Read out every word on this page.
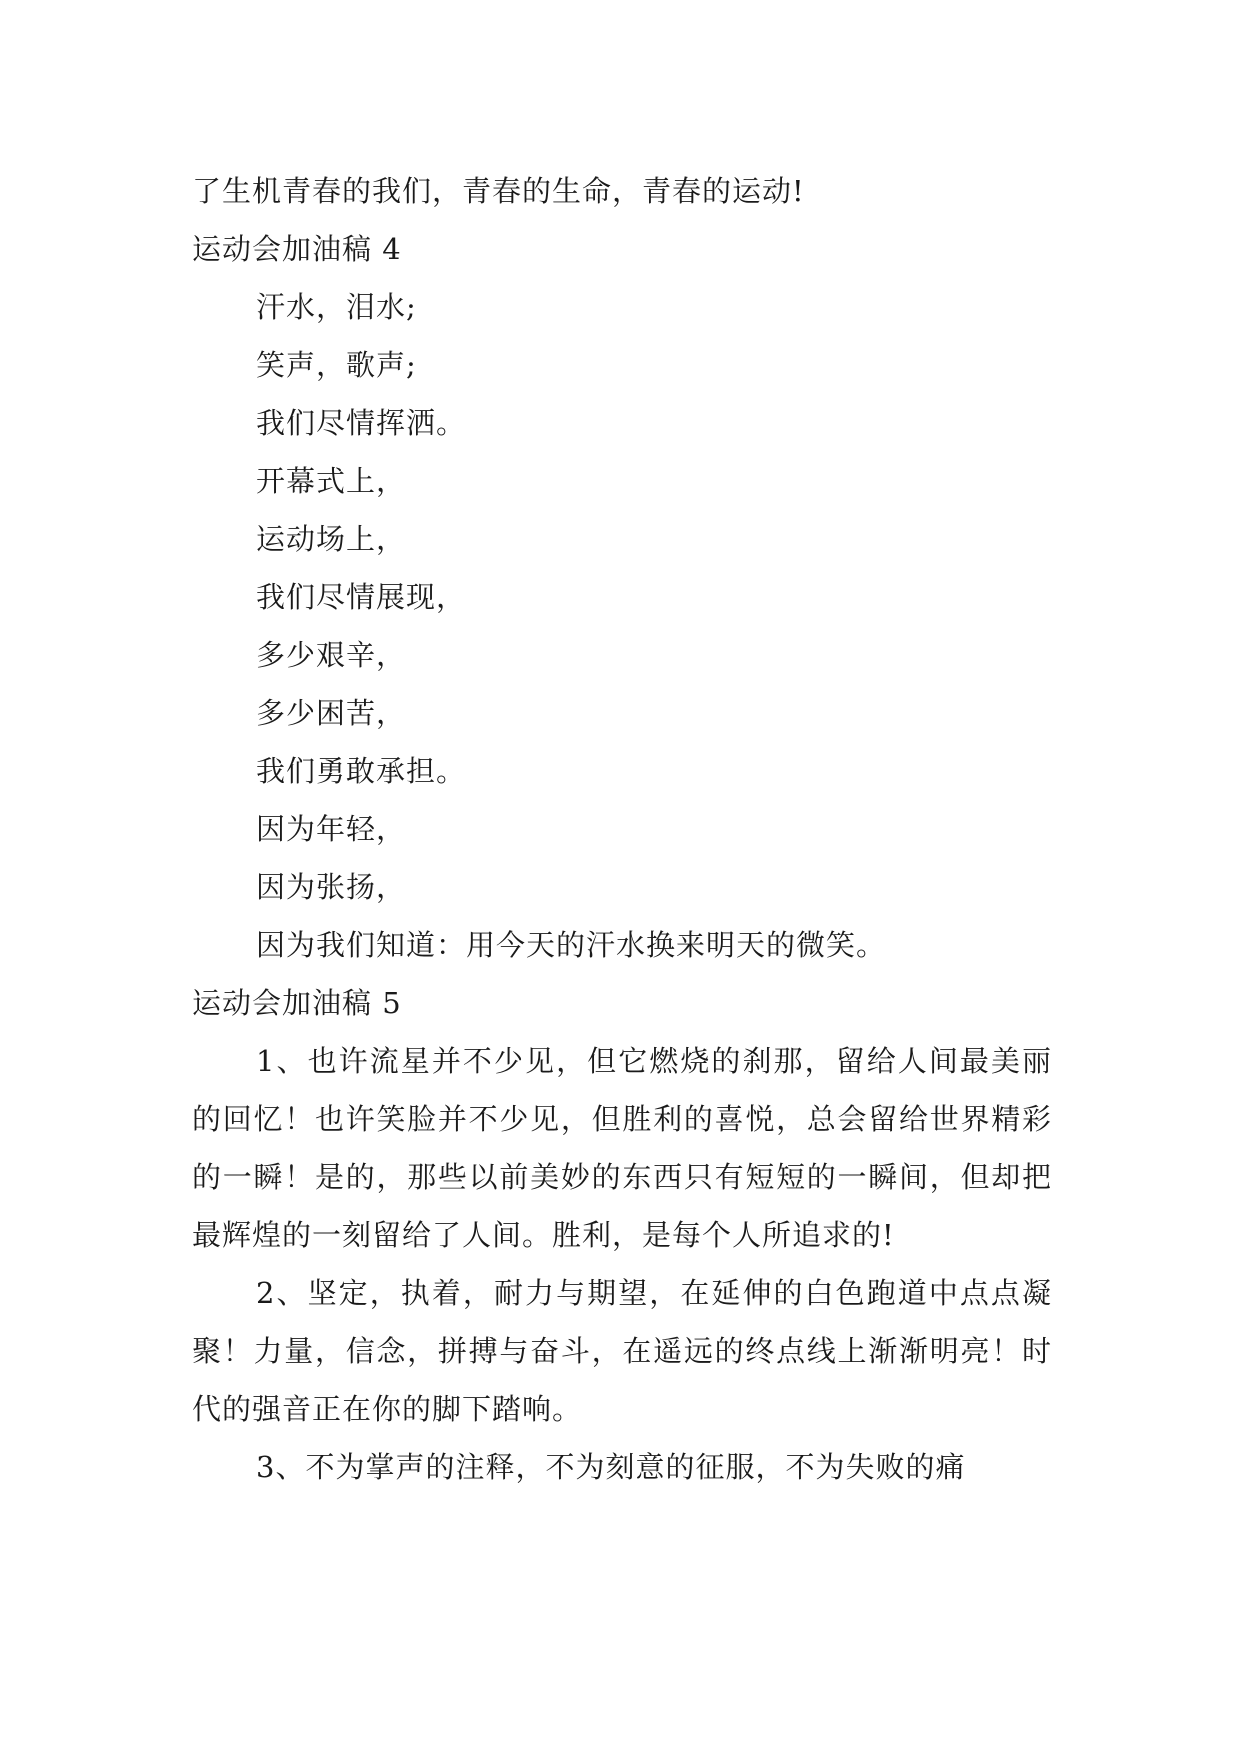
了生机青春的我们，青春的生命，青春的运动!
运动会加油稿 4
汗水，泪水;
笑声，歌声;
我们尽情挥洒。
开幕式上，
运动场上，
我们尽情展现，
多少艰辛，
多少困苦，
我们勇敢承担。
因为年轻，
因为张扬，
因为我们知道：用今天的汗水换来明天的微笑。
运动会加油稿 5

1、也许流星并不少见，但它燃烧的刹那，留给人间最美丽的回忆！也许笑脸并不少见，但胜利的喜悦，总会留给世界精彩的一瞬！是的，那些以前美妙的东西只有短短的一瞬间，但却把最辉煌的一刻留给了人间。胜利，是每个人所追求的!

2、坚定，执着，耐力与期望，在延伸的白色跑道中点点凝聚！力量，信念，拼搏与奋斗，在遥远的终点线上渐渐明亮！时代的强音正在你的脚下踏响。

3、不为掌声的注释，不为刻意的征服，不为失败的痛
